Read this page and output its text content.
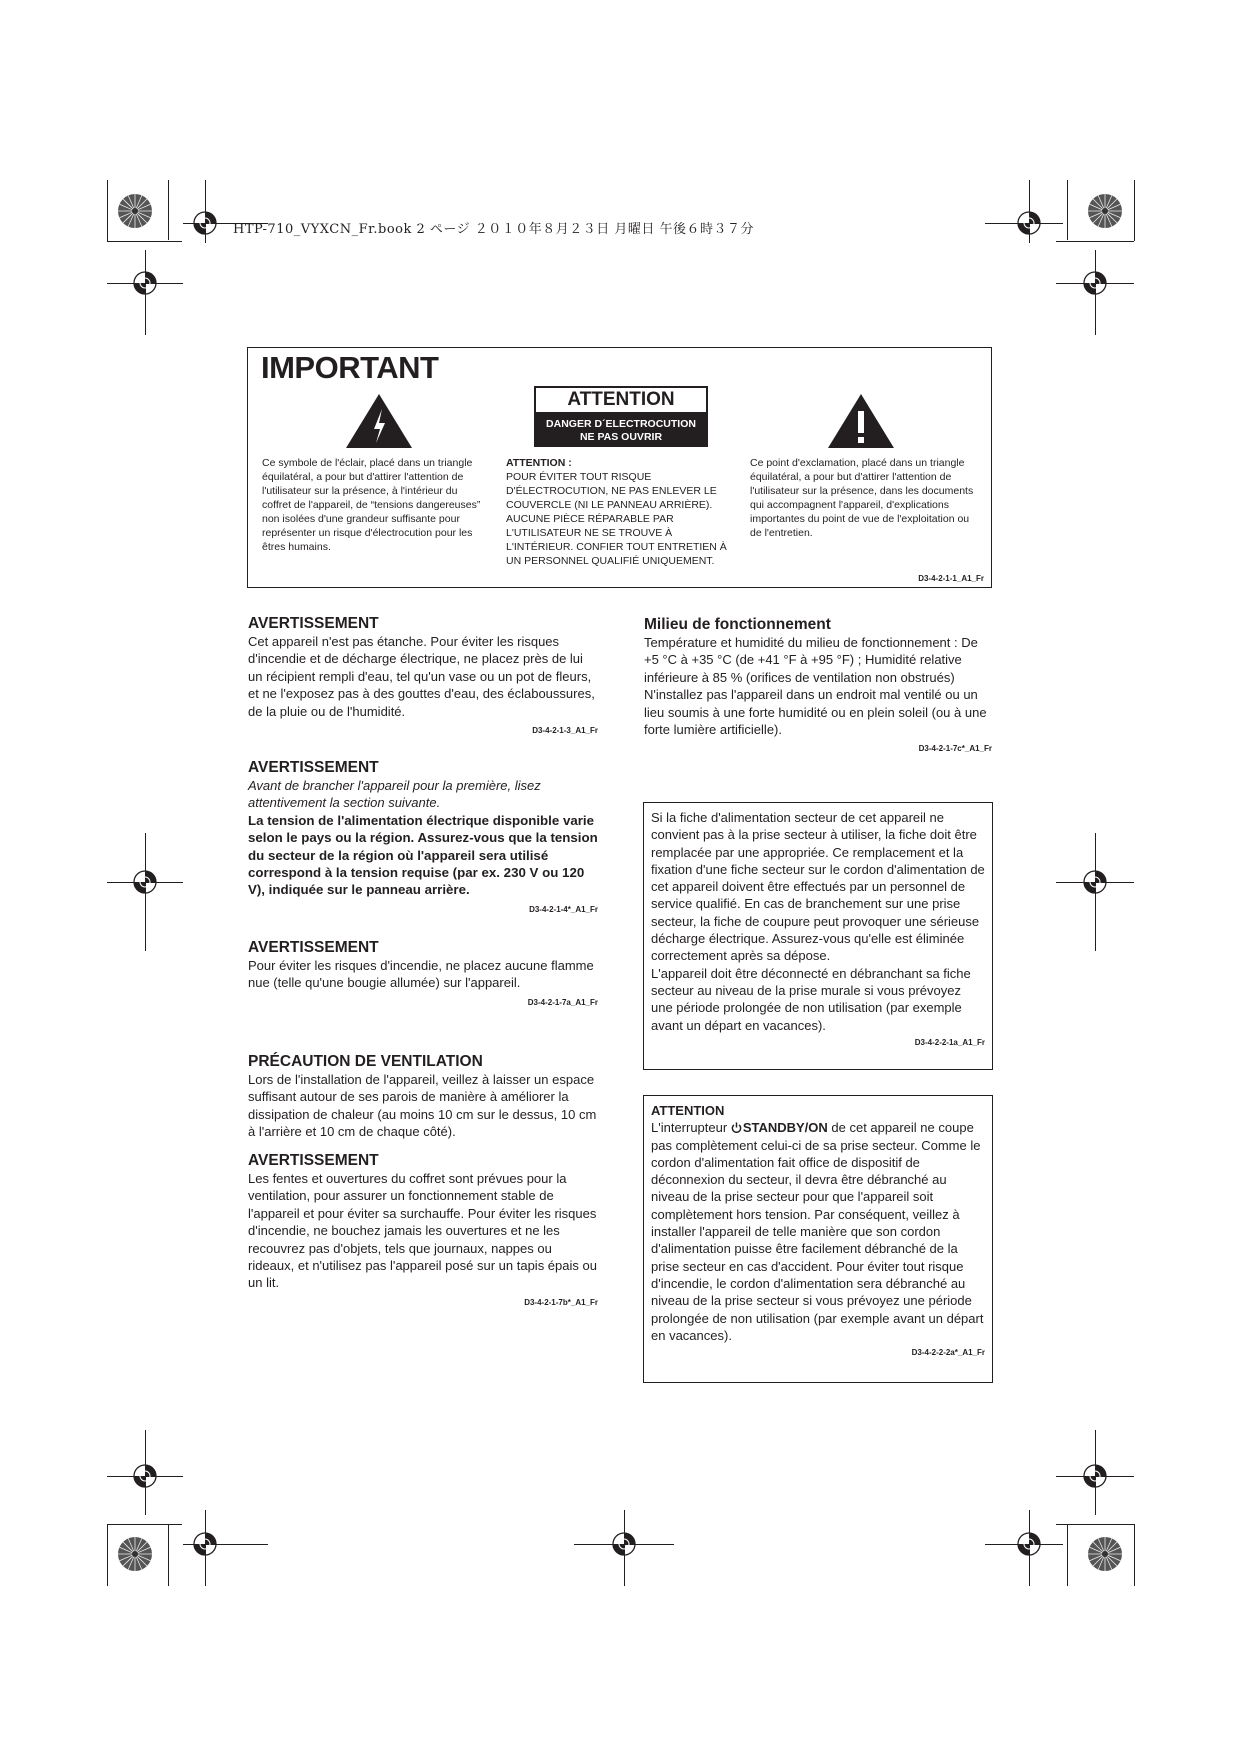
HTP-710_VYXCN_Fr.book 2 ページ ２０１０年８月２３日 月曜日 午後６時３７分
IMPORTANT
ATTENTION
DANGER D´ELECTROCUTION
NE PAS OUVRIR
Ce symbole de l'éclair, placé dans un triangle équilatéral, a pour but d'attirer l'attention de l'utilisateur sur la présence, à l'intérieur du coffret de l'appareil, de “tensions dangereuses” non isolées d'une grandeur suffisante pour représenter un risque d'électrocution pour les êtres humains.
ATTENTION :
POUR ÉVITER TOUT RISQUE D'ÉLECTROCUTION, NE PAS ENLEVER LE COUVERCLE (NI LE PANNEAU ARRIÈRE). AUCUNE PIÈCE RÉPARABLE PAR L'UTILISATEUR NE SE TROUVE À L'INTÉRIEUR. CONFIER TOUT ENTRETIEN À UN PERSONNEL QUALIFIÉ UNIQUEMENT.
Ce point d'exclamation, placé dans un triangle équilatéral, a pour but d'attirer l'attention de l'utilisateur sur la présence, dans les documents qui accompagnent l'appareil, d'explications importantes du point de vue de l'exploitation ou de l'entretien.
D3-4-2-1-1_A1_Fr
AVERTISSEMENT

Cet appareil n'est pas étanche. Pour éviter les risques d'incendie et de décharge électrique, ne placez près de lui un récipient rempli d'eau, tel qu'un vase ou un pot de fleurs, et ne l'exposez pas à des gouttes d'eau, des éclaboussures, de la pluie ou de l'humidité.

D3-4-2-1-3_A1_Fr
AVERTISSEMENT

Avant de brancher l'appareil pour la première, lisez attentivement la section suivante.

La tension de l'alimentation électrique disponible varie selon le pays ou la région. Assurez-vous que la tension du secteur de la région où l'appareil sera utilisé correspond à la tension requise (par ex. 230 V ou 120 V), indiquée sur le panneau arrière.

D3-4-2-1-4*_A1_Fr
AVERTISSEMENT

Pour éviter les risques d'incendie, ne placez aucune flamme nue (telle qu'une bougie allumée) sur l'appareil.

D3-4-2-1-7a_A1_Fr
PRÉCAUTION DE VENTILATION

Lors de l'installation de l'appareil, veillez à laisser un espace suffisant autour de ses parois de manière à améliorer la dissipation de chaleur (au moins 10 cm sur le dessus, 10 cm à l'arrière et 10 cm de chaque côté).

AVERTISSEMENT

Les fentes et ouvertures du coffret sont prévues pour la ventilation, pour assurer un fonctionnement stable de l'appareil et pour éviter sa surchauffe. Pour éviter les risques d'incendie, ne bouchez jamais les ouvertures et ne les recouvrez pas d'objets, tels que journaux, nappes ou rideaux, et n'utilisez pas l'appareil posé sur un tapis épais ou un lit.

D3-4-2-1-7b*_A1_Fr
Milieu de fonctionnement

Température et humidité du milieu de fonctionnement : De +5 °C à +35 °C (de +41 °F à +95 °F) ; Humidité relative inférieure à 85 % (orifices de ventilation non obstrués)

N'installez pas l'appareil dans un endroit mal ventilé ou un lieu soumis à une forte humidité ou en plein soleil (ou à une forte lumière artificielle).

D3-4-2-1-7c*_A1_Fr

Si la fiche d'alimentation secteur de cet appareil ne convient pas à la prise secteur à utiliser, la fiche doit être remplacée par une appropriée. Ce remplacement et la fixation d'une fiche secteur sur le cordon d'alimentation de cet appareil doivent être effectués par un personnel de service qualifié. En cas de branchement sur une prise secteur, la fiche de coupure peut provoquer une sérieuse décharge électrique. Assurez-vous qu'elle est éliminée correctement après sa dépose.

L'appareil doit être déconnecté en débranchant sa fiche secteur au niveau de la prise murale si vous prévoyez une période prolongée de non utilisation (par exemple avant un départ en vacances).

D3-4-2-2-1a_A1_Fr

ATTENTION

L'interrupteur STANDBY/ON de cet appareil ne coupe pas complètement celui-ci de sa prise secteur. Comme le cordon d'alimentation fait office de dispositif de déconnexion du secteur, il devra être débranché au niveau de la prise secteur pour que l'appareil soit complètement hors tension. Par conséquent, veillez à installer l'appareil de telle manière que son cordon d'alimentation puisse être facilement débranché de la prise secteur en cas d'accident. Pour éviter tout risque d'incendie, le cordon d'alimentation sera débranché au niveau de la prise secteur si vous prévoyez une période prolongée de non utilisation (par exemple avant un départ en vacances).

D3-4-2-2-2a*_A1_Fr
